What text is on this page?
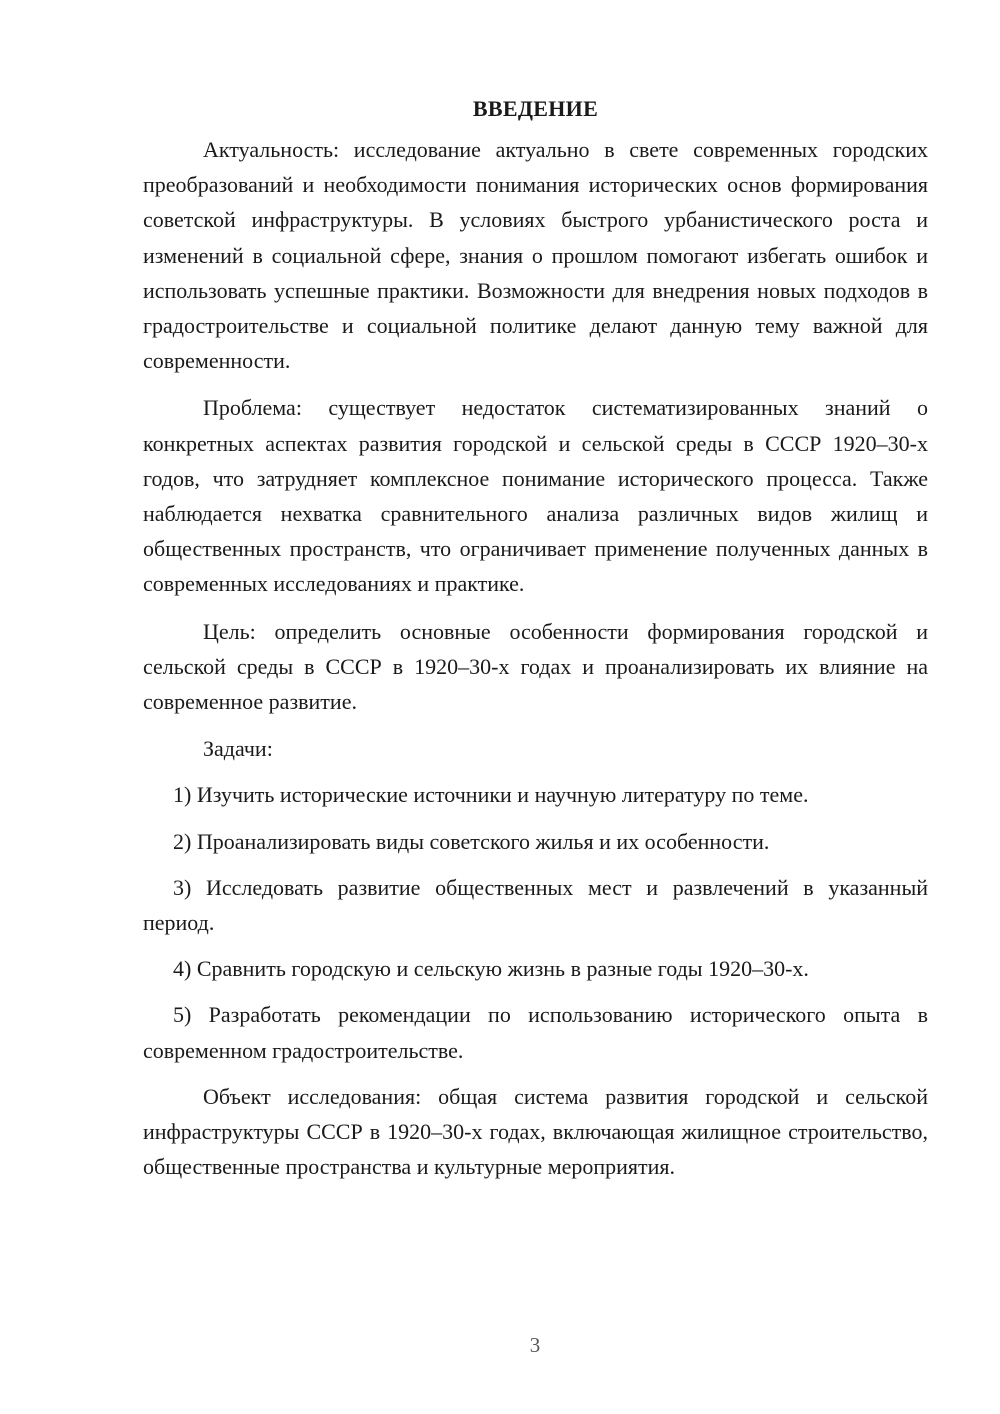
ВВЕДЕНИЕ

Актуальность: исследование актуально в свете современных городских преобразований и необходимости понимания исторических основ формирования советской инфраструктуры. В условиях быстрого урбанистического роста и изменений в социальной сфере, знания о прошлом помогают избегать ошибок и использовать успешные практики. Возможности для внедрения новых подходов в градостроительстве и социальной политике делают данную тему важной для современности.

Проблема: существует недостаток систематизированных знаний о конкретных аспектах развития городской и сельской среды в СССР 1920–30-х годов, что затрудняет комплексное понимание исторического процесса. Также наблюдается нехватка сравнительного анализа различных видов жилищ и общественных пространств, что ограничивает применение полученных данных в современных исследованиях и практике.

Цель: определить основные особенности формирования городской и сельской среды в СССР в 1920–30-х годах и проанализировать их влияние на современное развитие.

Задачи:

1) Изучить исторические источники и научную литературу по теме.

2) Проанализировать виды советского жилья и их особенности.

3) Исследовать развитие общественных мест и развлечений в указанный период.

4) Сравнить городскую и сельскую жизнь в разные годы 1920–30-х.

5) Разработать рекомендации по использованию исторического опыта в современном градостроительстве.

Объект исследования: общая система развития городской и сельской инфраструктуры СССР в 1920–30-х годах, включающая жилищное строительство, общественные пространства и культурные мероприятия.

3
